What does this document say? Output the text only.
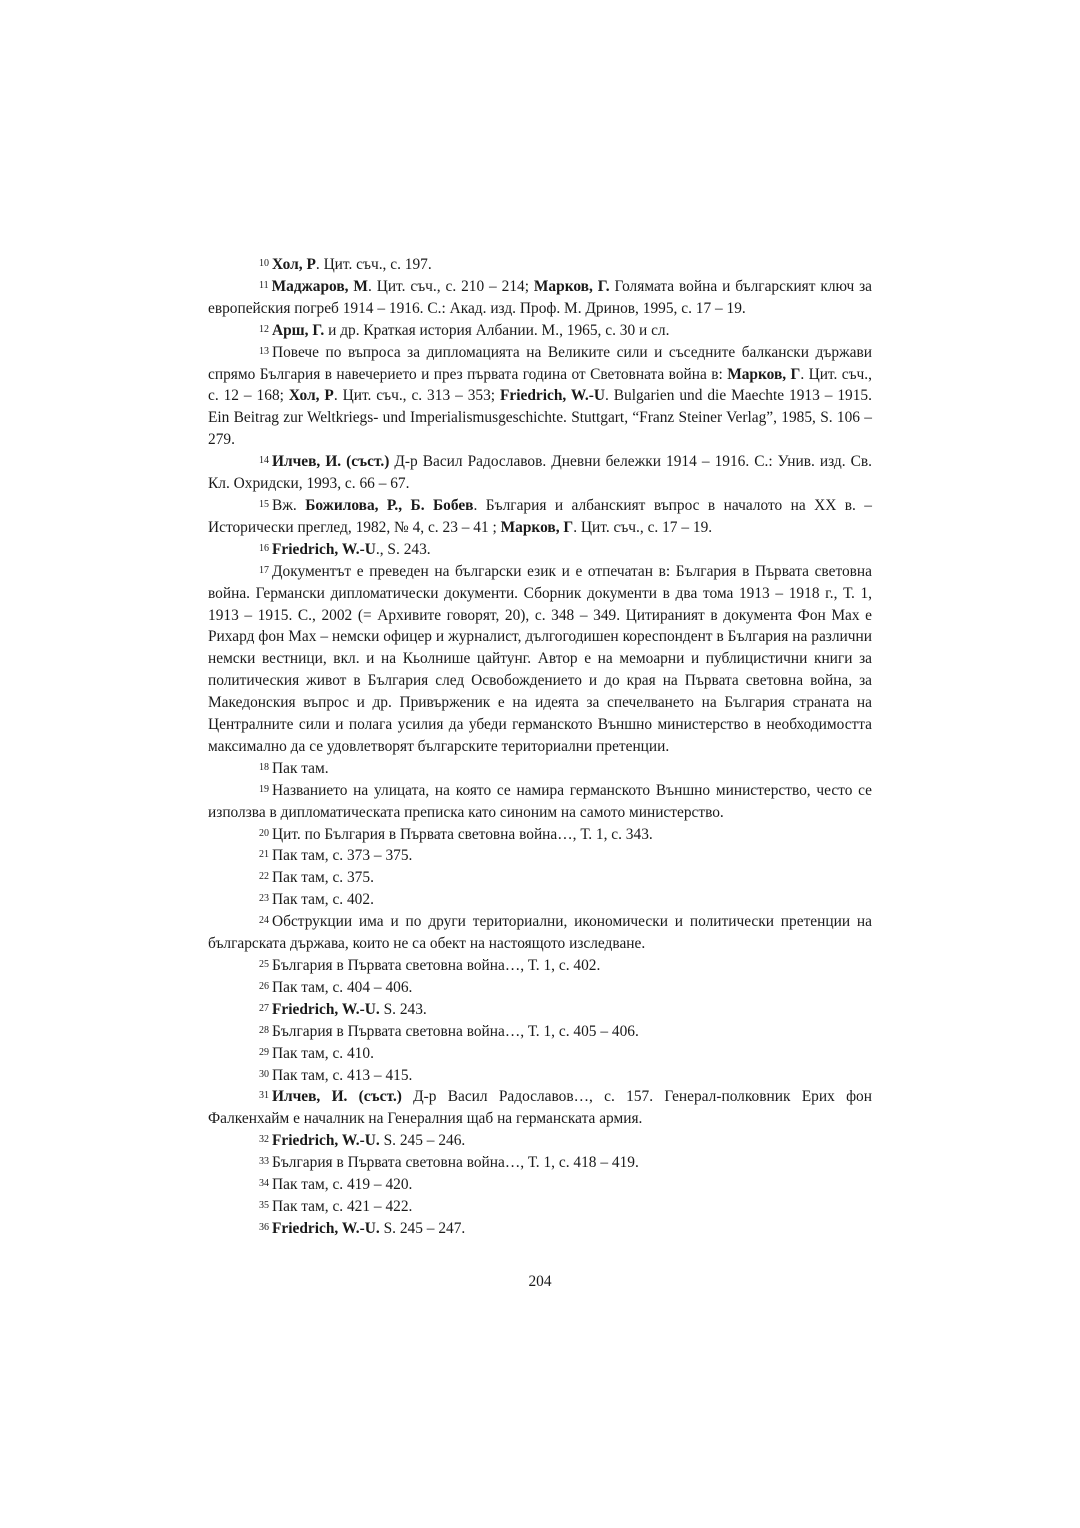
$^{10}$ Хол, Р. Цит. съч., с. 197.

$^{11}$ Маджаров, М. Цит. съч., с. 210 – 214; Марков, Г. Голямата война и българският ключ за европейския погреб 1914 – 1916. С.: Акад. изд. Проф. М. Дринов, 1995, с. 17 – 19.

$^{12}$ Арш, Г. и др. Краткая история Албании. М., 1965, с. 30 и сл.

$^{13}$ Повече по въпроса за дипломацията на Великите сили и съседните балкански държави спрямо България в навечерието и през първата година от Световната война в: Марков, Г. Цит. съч., с. 12 – 168; Хол, Р. Цит. съч., с. 313 – 353; Friedrich, W.-U. Bulgarien und die Maechte 1913 – 1915. Ein Beitrag zur Weltkriegs- und Imperialismusgeschichte. Stuttgart, “Franz Steiner Verlag”, 1985, S. 106 – 279.

$^{14}$ Илчев, И. (съст.) Д-р Васил Радославов. Дневни бележки 1914 – 1916. С.: Унив. изд. Св. Кл. Охридски, 1993, с. 66 – 67.

$^{15}$ Вж. Божилова, Р., Б. Бобев. България и албанският въпрос в началото на ХХ в. – Исторически преглед, 1982, № 4, с. 23 – 41 ; Марков, Г. Цит. съч., с. 17 – 19.

$^{16}$ Friedrich, W.-U., S. 243.

$^{17}$ Документът е преведен на български език и е отпечатан в: България в Първата световна война. Германски дипломатически документи. Сборник документи в два тома 1913 – 1918 г., Т. 1, 1913 – 1915. С., 2002 (= Архивите говорят, 20), с. 348 – 349. Цитираният в документа Фон Мах е Рихард фон Мах – немски офицер и журналист, дългогодишен кореспондент в България на различни немски вестници, вкл. и на Кьолнише цайтунг. Автор е на мемоарни и публицистични книги за политическия живот в България след Освобождението и до края на Първата световна война, за Македонския въпрос и др. Привърженик е на идеята за спечелването на България страната на Централните сили и полага усилия да убеди германското Външно министерство в необходимостта максимално да се удовлетворят българските териториални претенции.

$^{18}$ Пак там.

$^{19}$ Названието на улицата, на която се намира германското Външно министерство, често се използва в дипломатическата преписка като синоним на самото министерство.

$^{20}$ Цит. по България в Първата световна война…, Т. 1, с. 343.

$^{21}$ Пак там, с. 373 – 375.

$^{22}$ Пак там, с. 375.

$^{23}$ Пак там, с. 402.

$^{24}$ Обструкции има и по други териториални, икономически и политически претенции на българската държава, които не са обект на настоящото изследване.

$^{25}$ България в Първата световна война…, Т. 1, с. 402.

$^{26}$ Пак там, с. 404 – 406.

$^{27}$ Friedrich, W.-U. S. 243.

$^{28}$ България в Първата световна война…, Т. 1, с. 405 – 406.

$^{29}$ Пак там, с. 410.

$^{30}$ Пак там, с. 413 – 415.

$^{31}$ Илчев, И. (съст.) Д-р Васил Радославов…, с. 157. Генерал-полковник Ерих фон Фалкенхайм е началник на Генералния щаб на германската армия.

$^{32}$ Friedrich, W.-U. S. 245 – 246.

$^{33}$ България в Първата световна война…, Т. 1, с. 418 – 419.

$^{34}$ Пак там, с. 419 – 420.

$^{35}$ Пак там, с. 421 – 422.

$^{36}$ Friedrich, W.-U. S. 245 – 247.

204
